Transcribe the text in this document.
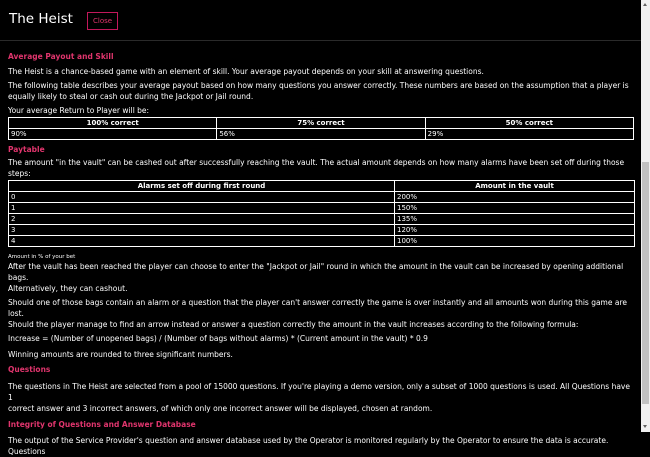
The Heist	Close

Average Payout and Skill

The Heist is a chance-based game with an element of skill. Your average payout depends on your skill at answering questions.

The following table describes your average payout based on how many questions you answer correctly. These numbers are based on the assumption that a player is

equally likely to steal or cash out during the Jackpot or Jail round.

Your average Return to Player will be:

100% correct	75% correct	50% correct
90%	56%	29%

Paytable

The amount "in the vault" can be cashed out after successfully reaching the vault. The actual amount depends on how many alarms have been set off during those steps:

Alarms set off during first round	Amount in the vault
0	200%
1	150%
2	135%
3	120%
4	100%

Amount in % of your bet

After the vault has been reached the player can choose to enter the "Jackpot or Jail" round in which the amount in the vault can be increased by opening additional bags.

Alternatively, they can cashout.

Should one of those bags contain an alarm or a question that the player can't answer correctly the game is over instantly and all amounts won during this game are lost.

Should the player manage to find an arrow instead or answer a question correctly the amount in the vault increases according to the following formula:

Increase = (Number of unopened bags) / (Number of bags without alarms) * (Current amount in the vault) * 0.9

Winning amounts are rounded to three significant numbers.

Questions

The questions in The Heist are selected from a pool of 15000 questions. If you're playing a demo version, only a subset of 1000 questions is used. All Questions have 1

correct answer and 3 incorrect answers, of which only one incorrect answer will be displayed, chosen at random.

Integrity of Questions and Answer Database

The output of the Service Provider's question and answer database used by the Operator is monitored regularly by the Operator to ensure the data is accurate. Questions
